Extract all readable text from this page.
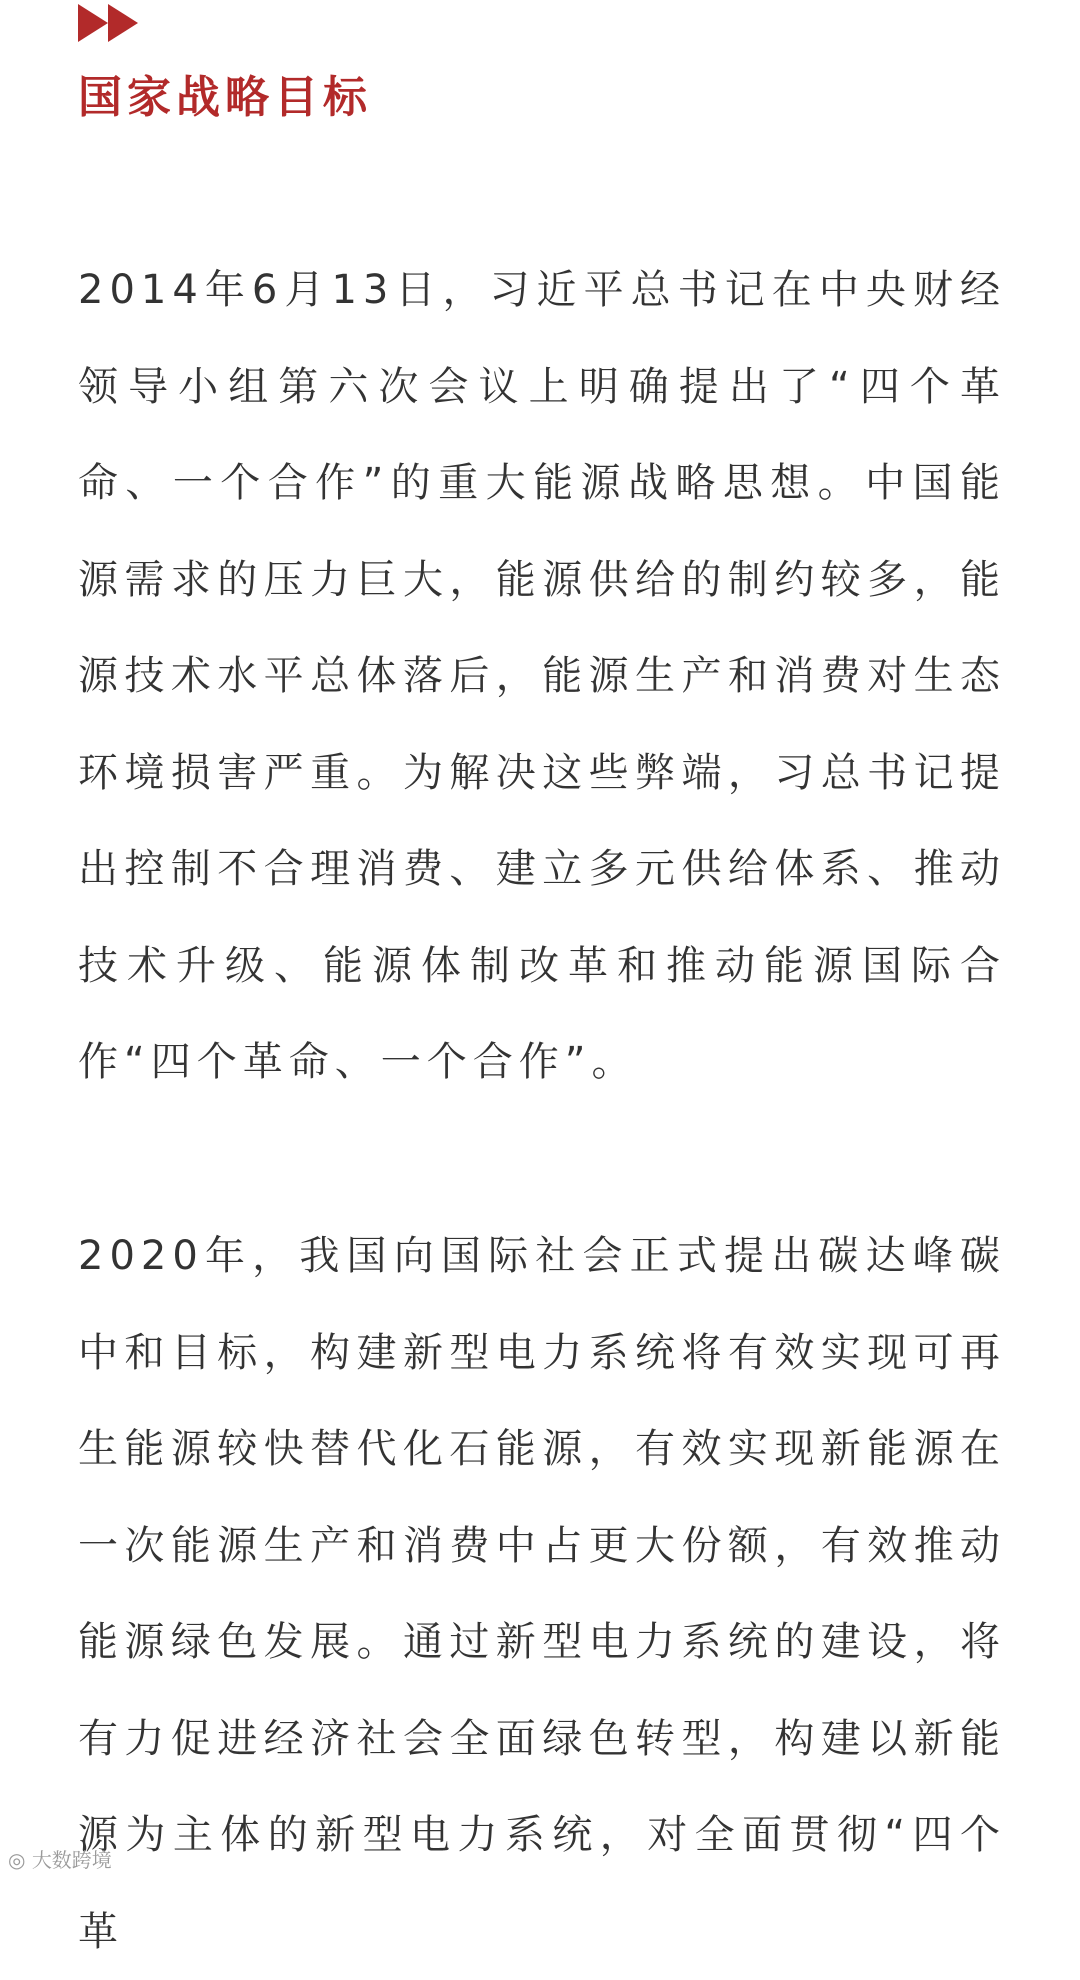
国家战略目标

2014年6月13日，习近平总书记在中央财经领导小组第六次会议上明确提出了“四个革命、一个合作”的重大能源战略思想。中国能源需求的压力巨大，能源供给的制约较多，能源技术水平总体落后，能源生产和消费对生态环境损害严重。为解决这些弊端，习总书记提出控制不合理消费、建立多元供给体系、推动技术升级、能源体制改革和推动能源国际合作“四个革命、一个合作”。

2020年，我国向国际社会正式提出碳达峰碳中和目标，构建新型电力系统将有效实现可再生能源较快替代化石能源，有效实现新能源在一次能源生产和消费中占更大份额，有效推动能源绿色发展。通过新型电力系统的建设，将有力促进经济社会全面绿色转型，构建以新能源为主体的新型电力系统，对全面贯彻“四个革

◎ 大数跨境
